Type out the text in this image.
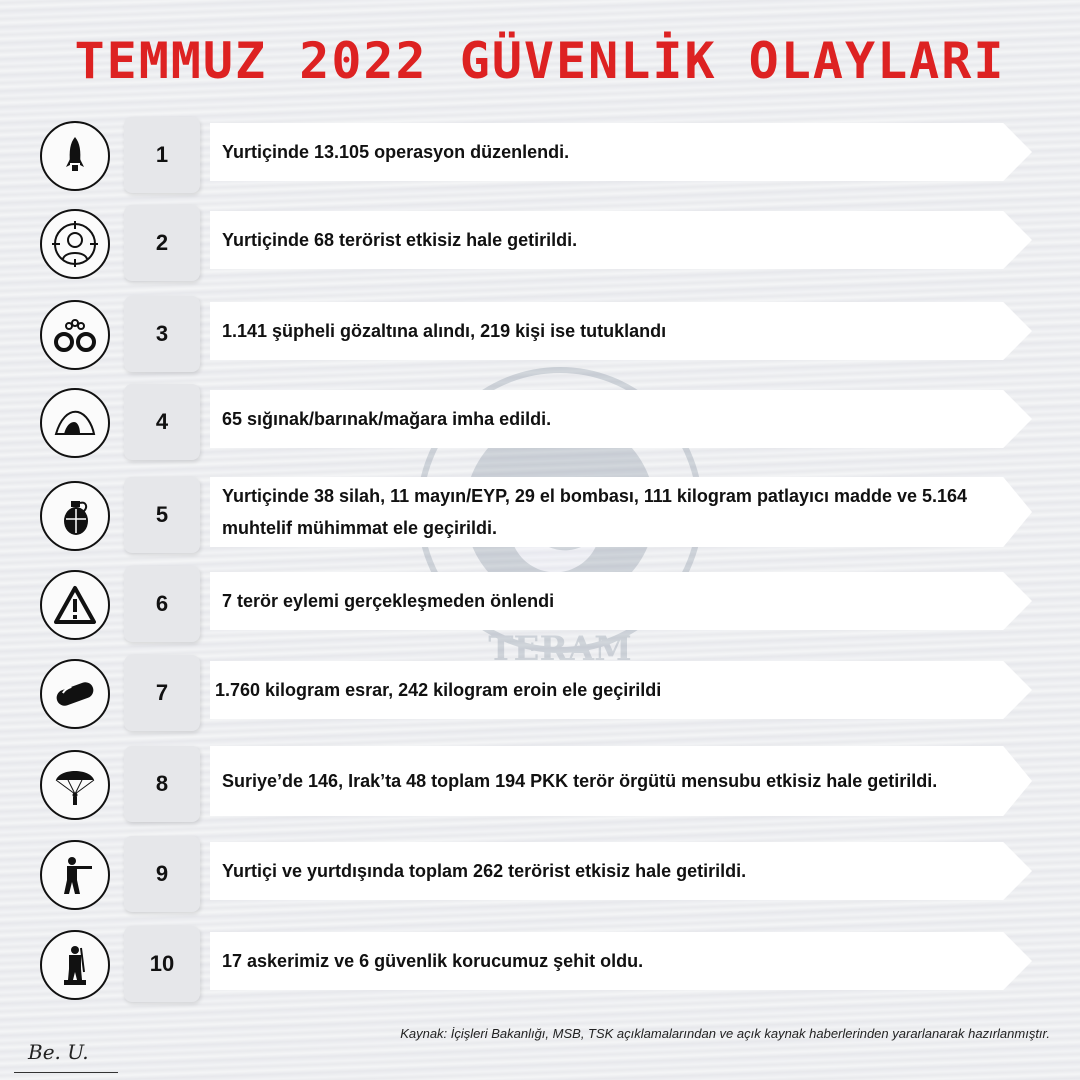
TEMMUZ 2022 GÜVENLİK OLAYLARI
TERAM
1	Yurtiçinde 13.105 operasyon düzenlendi.
2	Yurtiçinde 68 terörist etkisiz hale getirildi.
3	1.141 şüpheli gözaltına alındı, 219 kişi ise tutuklandı
4	65 sığınak/barınak/mağara imha edildi.
5
Yurtiçinde 38 silah, 11 mayın/EYP, 29 el bombası, 111 kilogram patlayıcı madde ve 5.164 muhtelif mühimmat ele geçirildi.
6	7 terör eylemi gerçekleşmeden önlendi
7	1.760 kilogram esrar, 242 kilogram eroin ele geçirildi
8	Suriye’de 146, Irak’ta 48 toplam 194 PKK terör örgütü mensubu etkisiz hale getirildi.
9	Yurtiçi ve yurtdışında toplam 262 terörist etkisiz hale getirildi.
10	17 askerimiz ve 6 güvenlik korucumuz şehit oldu.
Kaynak: İçişleri Bakanlığı, MSB, TSK açıklamalarından ve açık kaynak haberlerinden yararlanarak hazırlanmıştır.
Be. U.
